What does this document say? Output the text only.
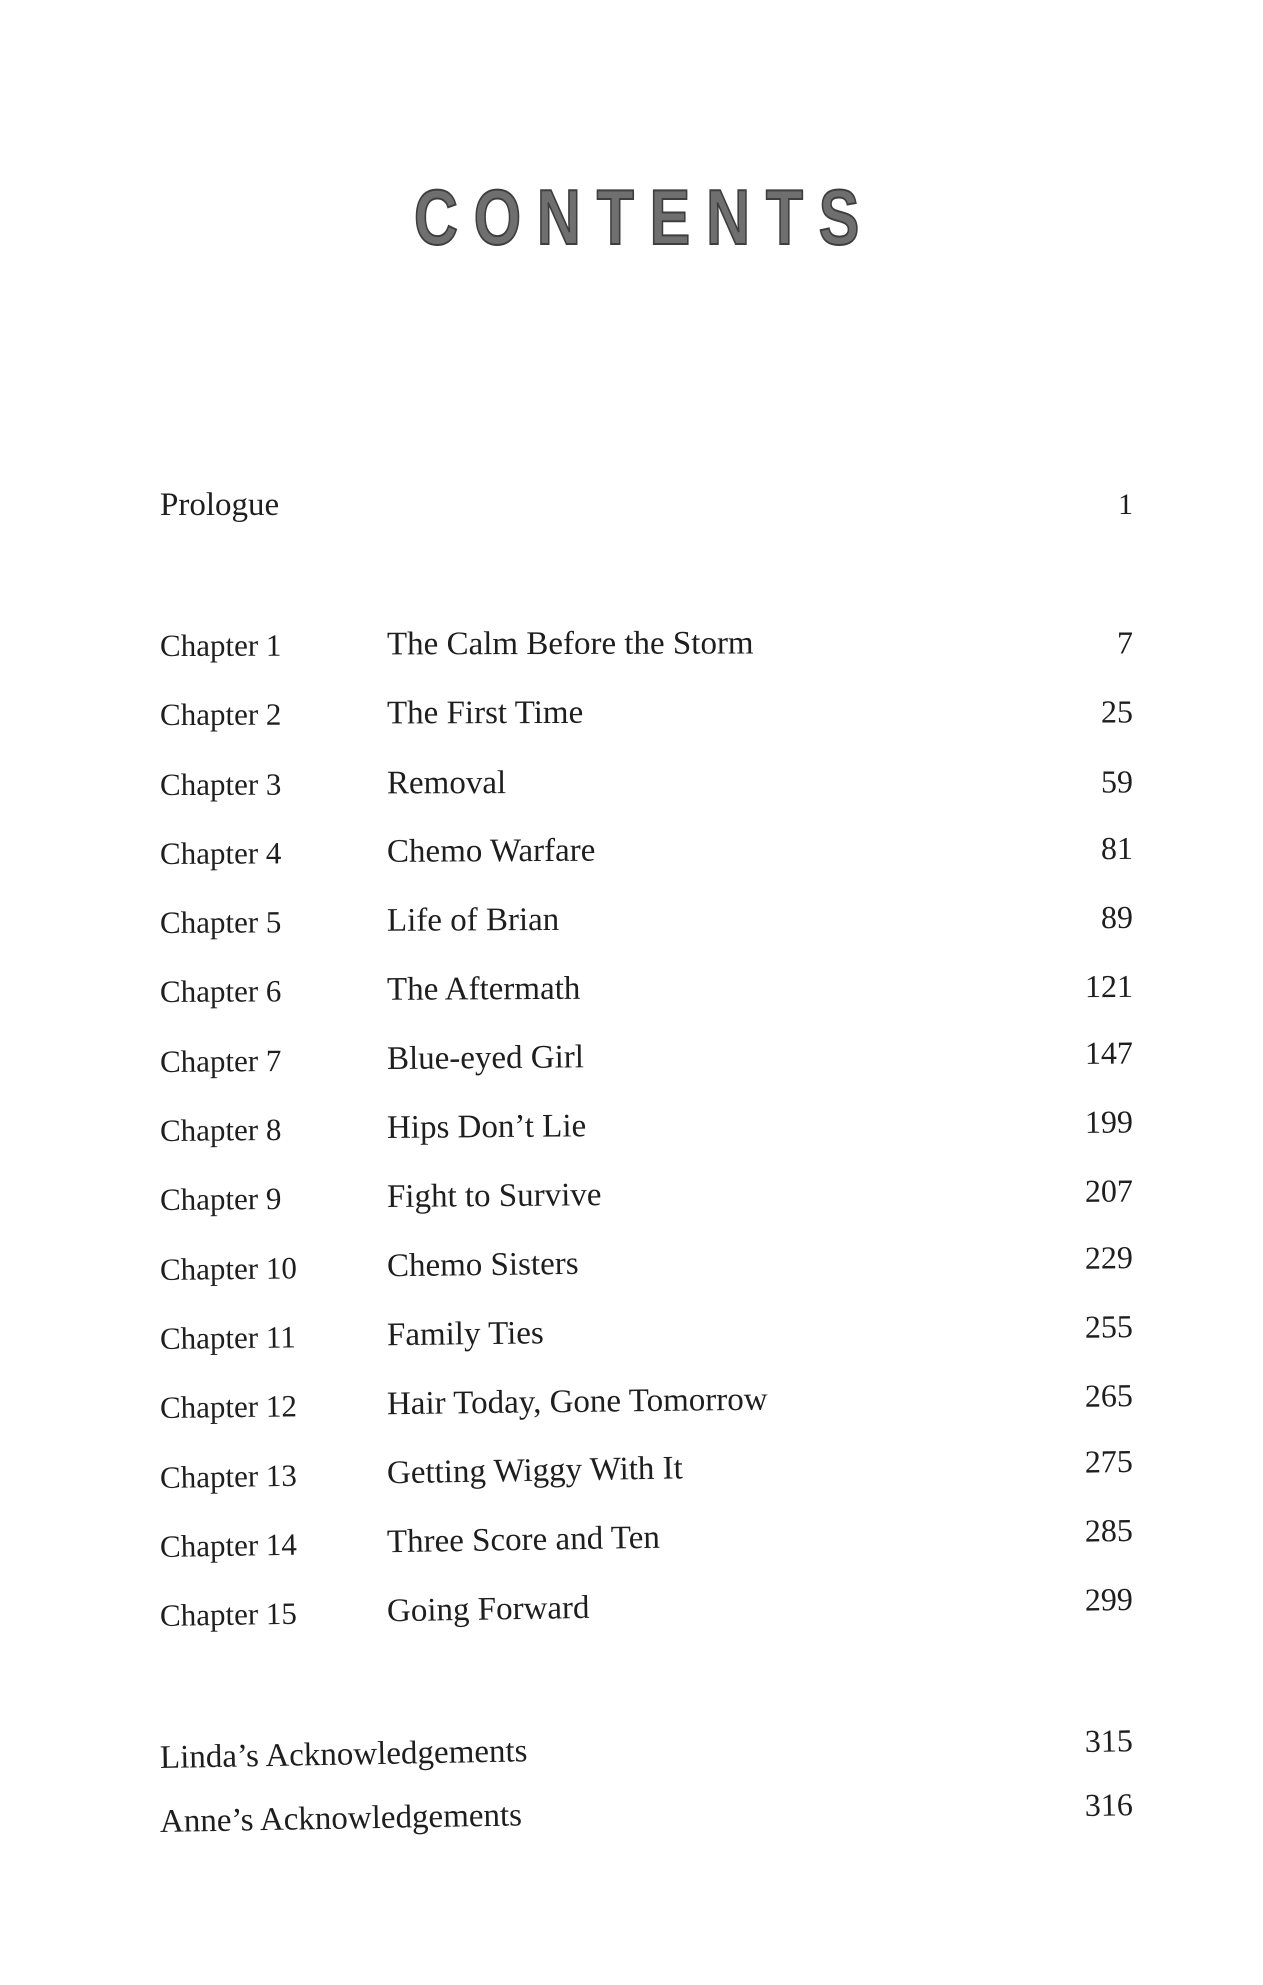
CONTENTS
Prologue	1
Chapter 1	The Calm Before the Storm	7
Chapter 2	The First Time	25
Chapter 3	Removal	59
Chapter 4	Chemo Warfare	81
Chapter 5	Life of Brian	89
Chapter 6	The Aftermath	121
Chapter 7	Blue-eyed Girl	147
Chapter 8	Hips Don’t Lie	199
Chapter 9	Fight to Survive	207
Chapter 10	Chemo Sisters	229
Chapter 11	Family Ties	255
Chapter 12	Hair Today, Gone Tomorrow	265
Chapter 13	Getting Wiggy With It	275
Chapter 14	Three Score and Ten	285
Chapter 15	Going Forward	299
Linda’s Acknowledgements	315
Anne’s Acknowledgements	316
